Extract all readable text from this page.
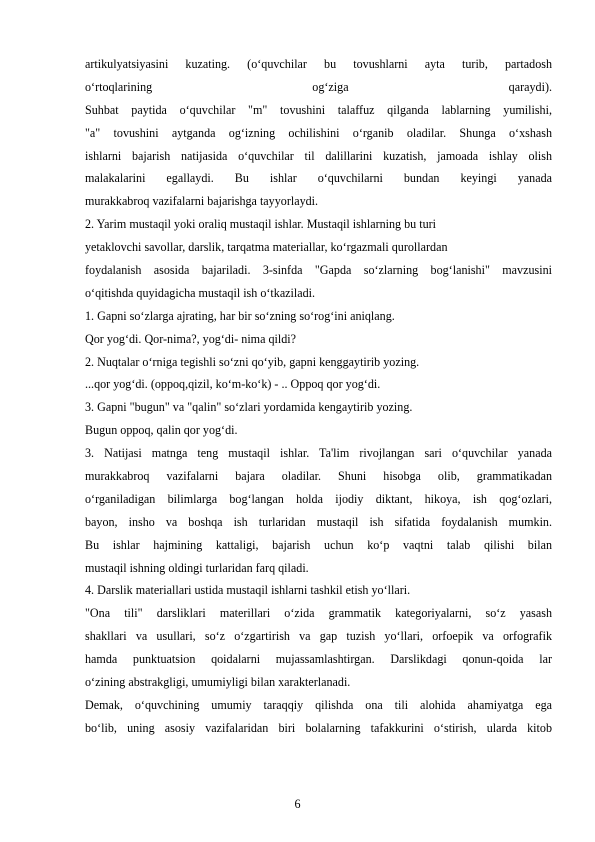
artikulyatsiyasini kuzating. (oʻquvchilar bu tovushlarni ayta turib, partadosh
oʻrtoqlarining ogʻziga qaraydi).
Suhbat paytida oʻquvchilar "m" tovushini talaffuz qilganda lablarning yumilishi,
"a" tovushini aytganda ogʻizning ochilishini oʻrganib oladilar. Shunga oʻxshash
ishlarni bajarish natijasida oʻquvchilar til dalillarini kuzatish, jamoada ishlay olish
malakalarini egallaydi. Bu ishlar oʻquvchilarni bundan keyingi yanada
murakkabroq vazifalarni bajarishga tayyorlaydi.
2. Yarim mustaqil yoki oraliq mustaqil ishlar. Mustaqil ishlarning bu turi
yetaklovchi savollar, darslik, tarqatma materiallar, koʻrgazmali qurollardan
foydalanish asosida bajariladi. 3-sinfda "Gapda soʻzlarning bogʻlanishi" mavzusini
oʻqitishda quyidagicha mustaqil ish oʻtkaziladi.
1. Gapni soʻzlarga ajrating, har bir soʻzning soʻrogʻini aniqlang.
Qor yogʻdi. Qor-nima?, yogʻdi- nima qildi?
2. Nuqtalar oʻrniga tegishli soʻzni qoʻyib, gapni kenggaytirib yozing.
...qor yogʻdi. (oppoq,qizil, koʻm-koʻk) - .. Oppoq qor yogʻdi.
3. Gapni "bugun" va "qalin" soʻzlari yordamida kengaytirib yozing.
Bugun oppoq, qalin qor yogʻdi.
3. Natijasi matnga teng mustaqil ishlar. Ta'lim rivojlangan sari oʻquvchilar yanada
murakkabroq vazifalarni bajara oladilar. Shuni hisobga olib, grammatikadan
oʻrganiladigan bilimlarga bogʻlangan holda ijodiy diktant, hikoya, ish qogʻozlari,
bayon, insho va boshqa ish turlaridan mustaqil ish sifatida foydalanish mumkin.
Bu ishlar hajmining kattaligi, bajarish uchun koʻp vaqtni talab qilishi bilan
mustaqil ishning oldingi turlaridan farq qiladi.
4. Darslik materiallari ustida mustaqil ishlarni tashkil etish yoʻllari.
"Ona tili" darsliklari materillari oʻzida grammatik kategoriyalarni, soʻz yasash
shakllari va usullari, soʻz oʻzgartirish va gap tuzish yoʻllari, orfoepik va orfografik
hamda punktuatsion qoidalarni mujassamlashtirgan. Darslikdagi qonun-qoida lar
oʻzining abstrakgligi, umumiyligi bilan xarakterlanadi.
Demak, oʻquvchining umumiy taraqqiy qilishda ona tili alohida ahamiyatga ega
boʻlib, uning asosiy vazifalaridan biri bolalarning tafakkurini oʻstirish, ularda kitob
6
